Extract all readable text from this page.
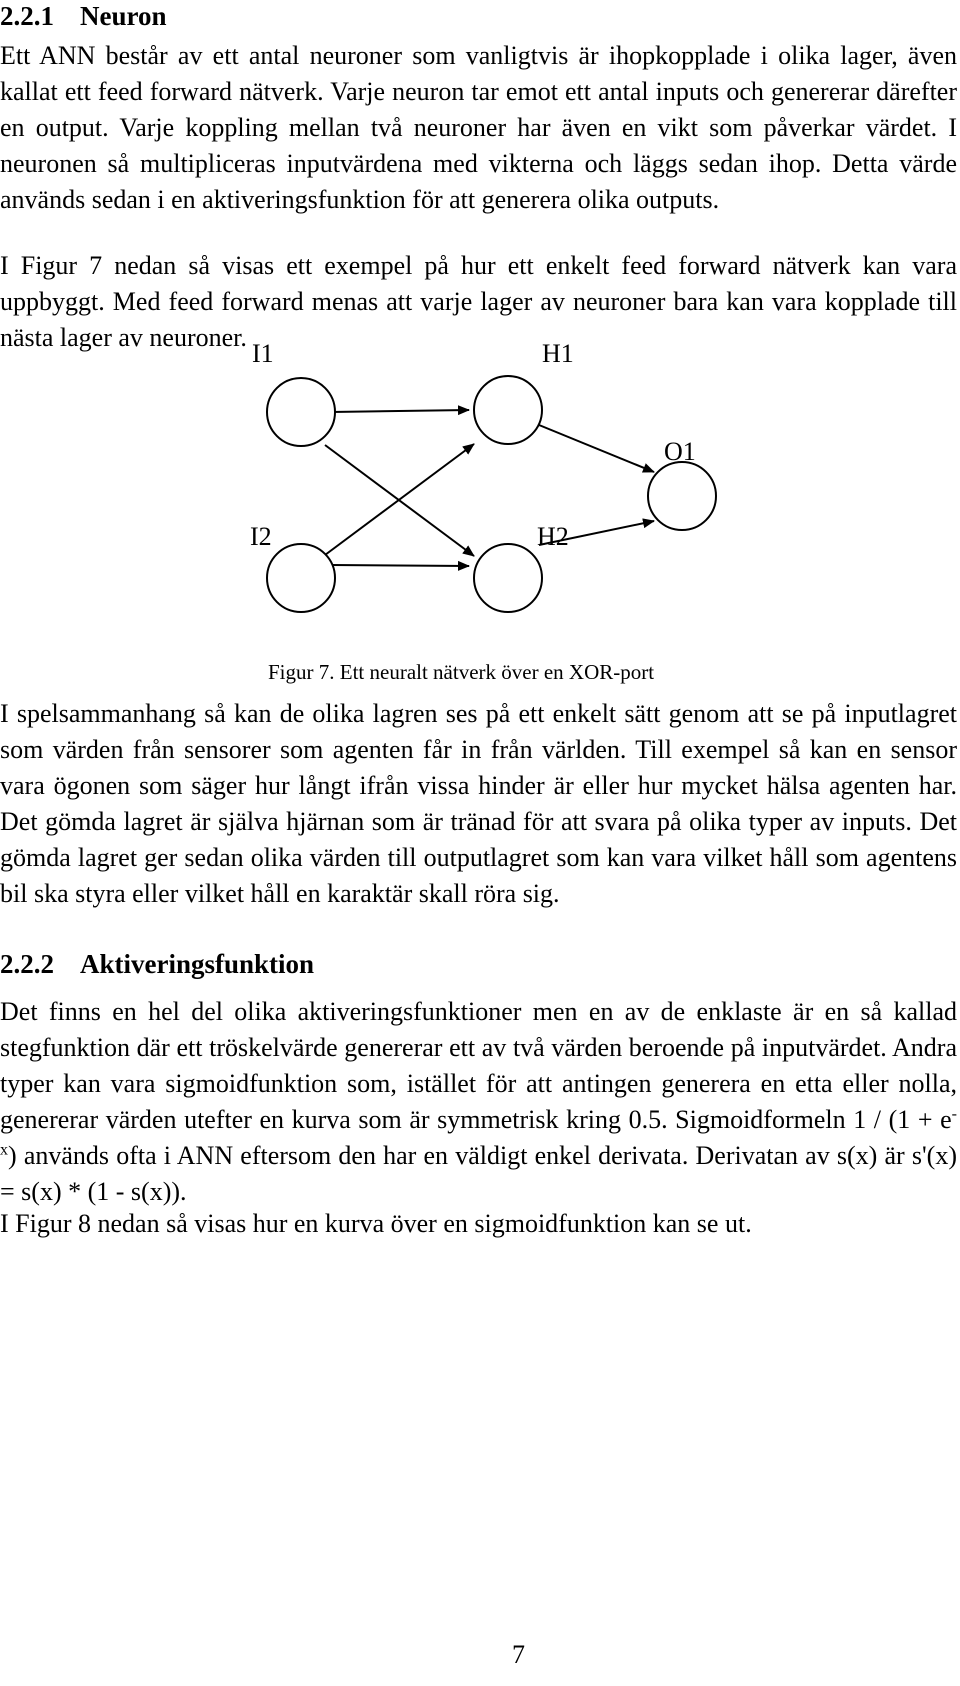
2.2.1 Neuron

Ett ANN består av ett antal neuroner som vanligtvis är ihopkopplade i olika lager, även kallat ett feed forward nätverk. Varje neuron tar emot ett antal inputs och genererar därefter en output. Varje koppling mellan två neuroner har även en vikt som påverkar värdet. I neuronen så multipliceras inputvärdena med vikterna och läggs sedan ihop. Detta värde används sedan i en aktiveringsfunktion för att generera olika outputs.

I Figur 7 nedan så visas ett exempel på hur ett enkelt feed forward nätverk kan vara uppbyggt. Med feed forward menas att varje lager av neuroner bara kan vara kopplade till nästa lager av neuroner.

I1	H1
O1
I2	H2

Figur 7. Ett neuralt nätverk över en XOR-port

I spelsammanhang så kan de olika lagren ses på ett enkelt sätt genom att se på inputlagret som värden från sensorer som agenten får in från världen. Till exempel så kan en sensor vara ögonen som säger hur långt ifrån vissa hinder är eller hur mycket hälsa agenten har. Det gömda lagret är själva hjärnan som är tränad för att svara på olika typer av inputs. Det gömda lagret ger sedan olika värden till outputlagret som kan vara vilket håll som agentens bil ska styra eller vilket håll en karaktär skall röra sig.

2.2.2 Aktiveringsfunktion

Det finns en hel del olika aktiveringsfunktioner men en av de enklaste är en så kallad stegfunktion där ett tröskelvärde genererar ett av två värden beroende på inputvärdet. Andra typer kan vara sigmoidfunktion som, istället för att antingen generera en etta eller nolla, genererar värden utefter en kurva som är symmetrisk kring 0.5. Sigmoidformeln $1 / (1 + e^{-x})$ används ofta i ANN eftersom den har en väldigt enkel derivata. Derivatan av s(x) är s'(x) = s(x) * (1 - s(x)).

I Figur 8 nedan så visas hur en kurva över en sigmoidfunktion kan se ut.

7
